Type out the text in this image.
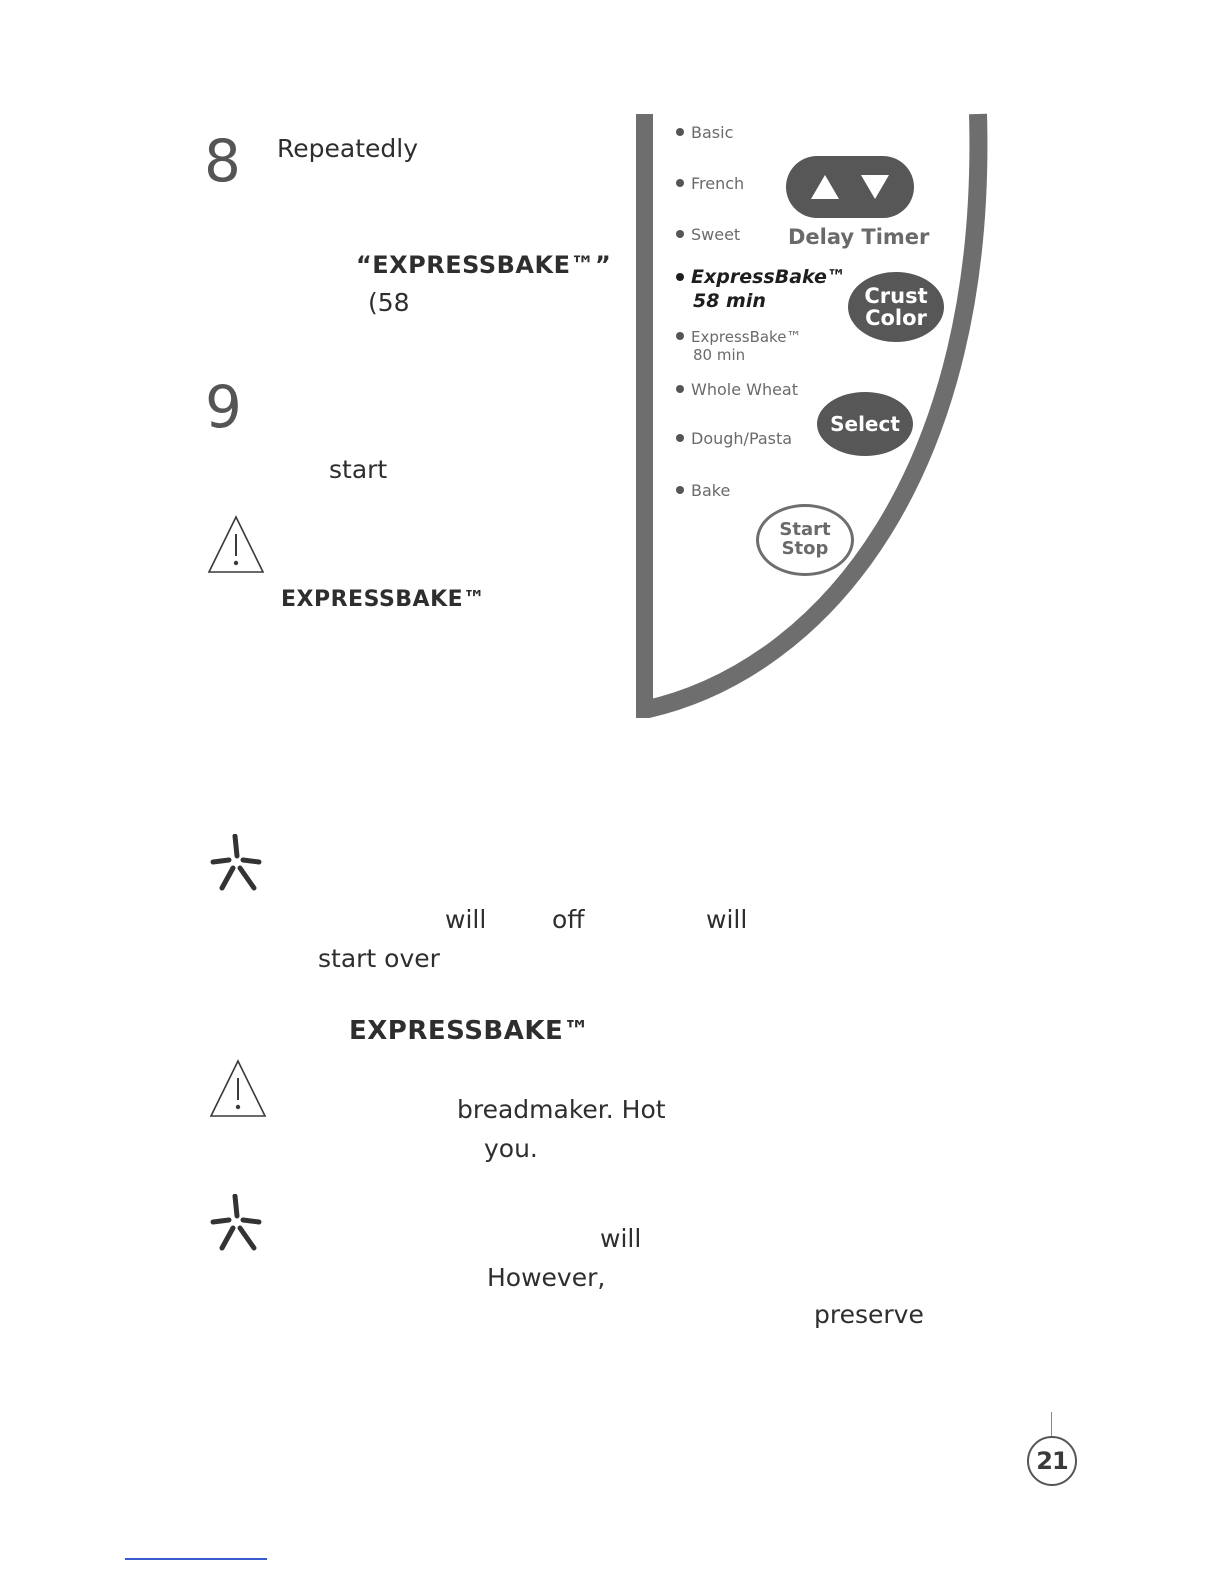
8 Repeatedly
“EXPRESSBAKE™”
(58
9
start
EXPRESSBAKE™
Basic
French
Sweet
ExpressBake™
58 min
ExpressBake™
80 min
Whole Wheat
Dough/Pasta
Bake
Delay Timer
Crust
Color
Select
Start
Stop
will	off	will
start over
EXPRESSBAKE™
breadmaker. Hot
you.
will
However,
preserve
21
